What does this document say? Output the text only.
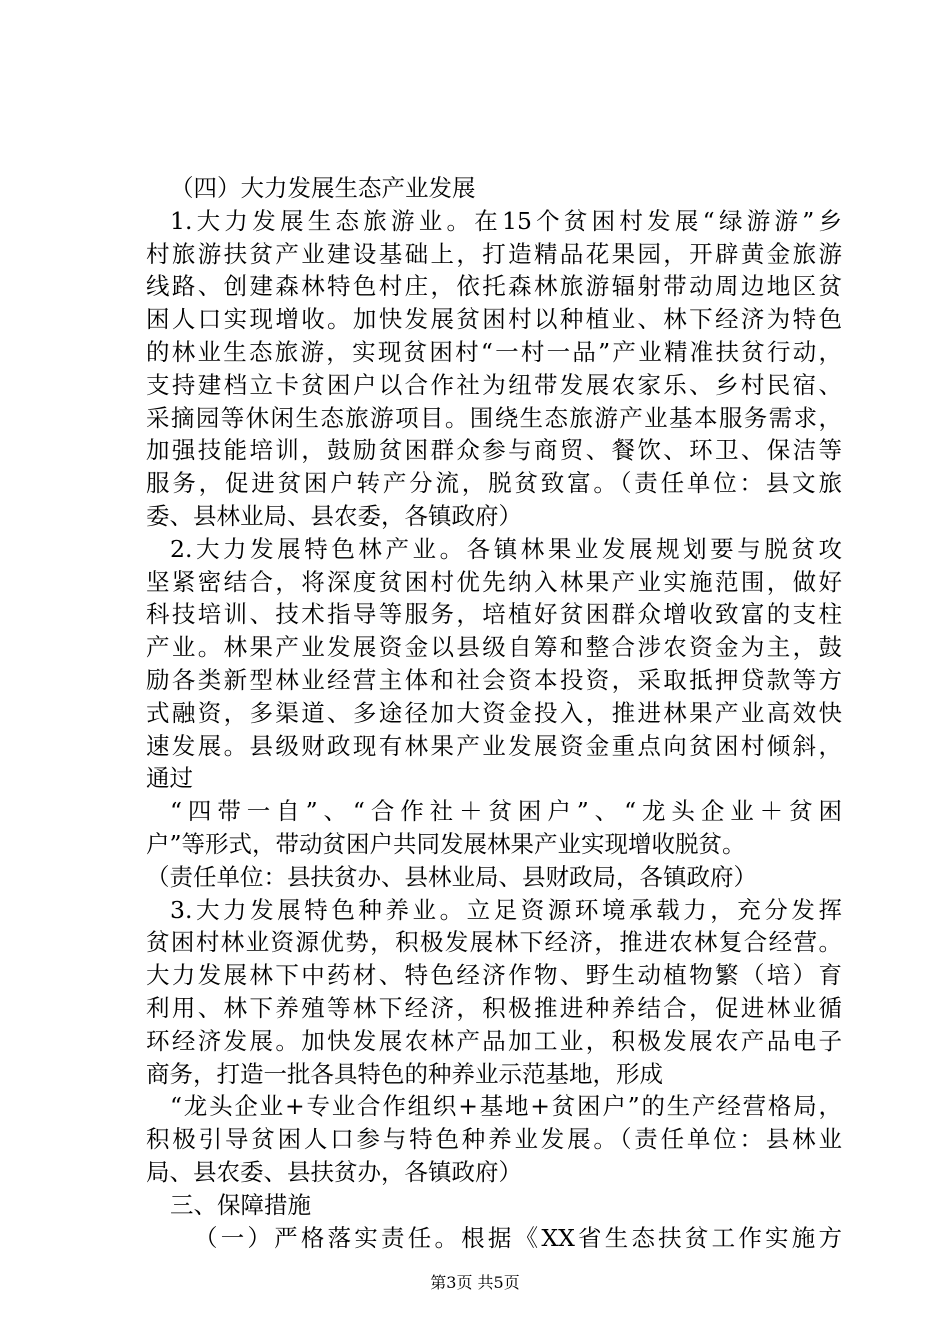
（四）大力发展生态产业发展
1.大力发展生态旅游业。在15个贫困村发展“绿游游”乡
村旅游扶贫产业建设基础上，打造精品花果园，开辟黄金旅游
线路、创建森林特色村庄，依托森林旅游辐射带动周边地区贫
困人口实现增收。加快发展贫困村以种植业、林下经济为特色
的林业生态旅游，实现贫困村“一村一品”产业精准扶贫行动，
支持建档立卡贫困户以合作社为纽带发展农家乐、乡村民宿、
采摘园等休闲生态旅游项目。围绕生态旅游产业基本服务需求，
加强技能培训，鼓励贫困群众参与商贸、餐饮、环卫、保洁等
服务，促进贫困户转产分流，脱贫致富。（责任单位：县文旅
委、县林业局、县农委，各镇政府）
2.大力发展特色林产业。各镇林果业发展规划要与脱贫攻
坚紧密结合，将深度贫困村优先纳入林果产业实施范围，做好
科技培训、技术指导等服务，培植好贫困群众增收致富的支柱
产业。林果产业发展资金以县级自筹和整合涉农资金为主，鼓
励各类新型林业经营主体和社会资本投资，采取抵押贷款等方
式融资，多渠道、多途径加大资金投入，推进林果产业高效快
速发展。县级财政现有林果产业发展资金重点向贫困村倾斜，
通过
“四带一自”、“合作社＋贫困户”、“龙头企业＋贫困
户”等形式，带动贫困户共同发展林果产业实现增收脱贫。
（责任单位：县扶贫办、县林业局、县财政局，各镇政府）
3.大力发展特色种养业。立足资源环境承载力，充分发挥
贫困村林业资源优势，积极发展林下经济，推进农林复合经营。
大力发展林下中药材、特色经济作物、野生动植物繁（培）育
利用、林下养殖等林下经济，积极推进种养结合，促进林业循
环经济发展。加快发展农林产品加工业，积极发展农产品电子
商务，打造一批各具特色的种养业示范基地，形成
“龙头企业+专业合作组织+基地+贫困户”的生产经营格局，
积极引导贫困人口参与特色种养业发展。（责任单位：县林业
局、县农委、县扶贫办，各镇政府）
三、保障措施
（一）严格落实责任。根据《XX省生态扶贫工作实施方
第3页 共5页
